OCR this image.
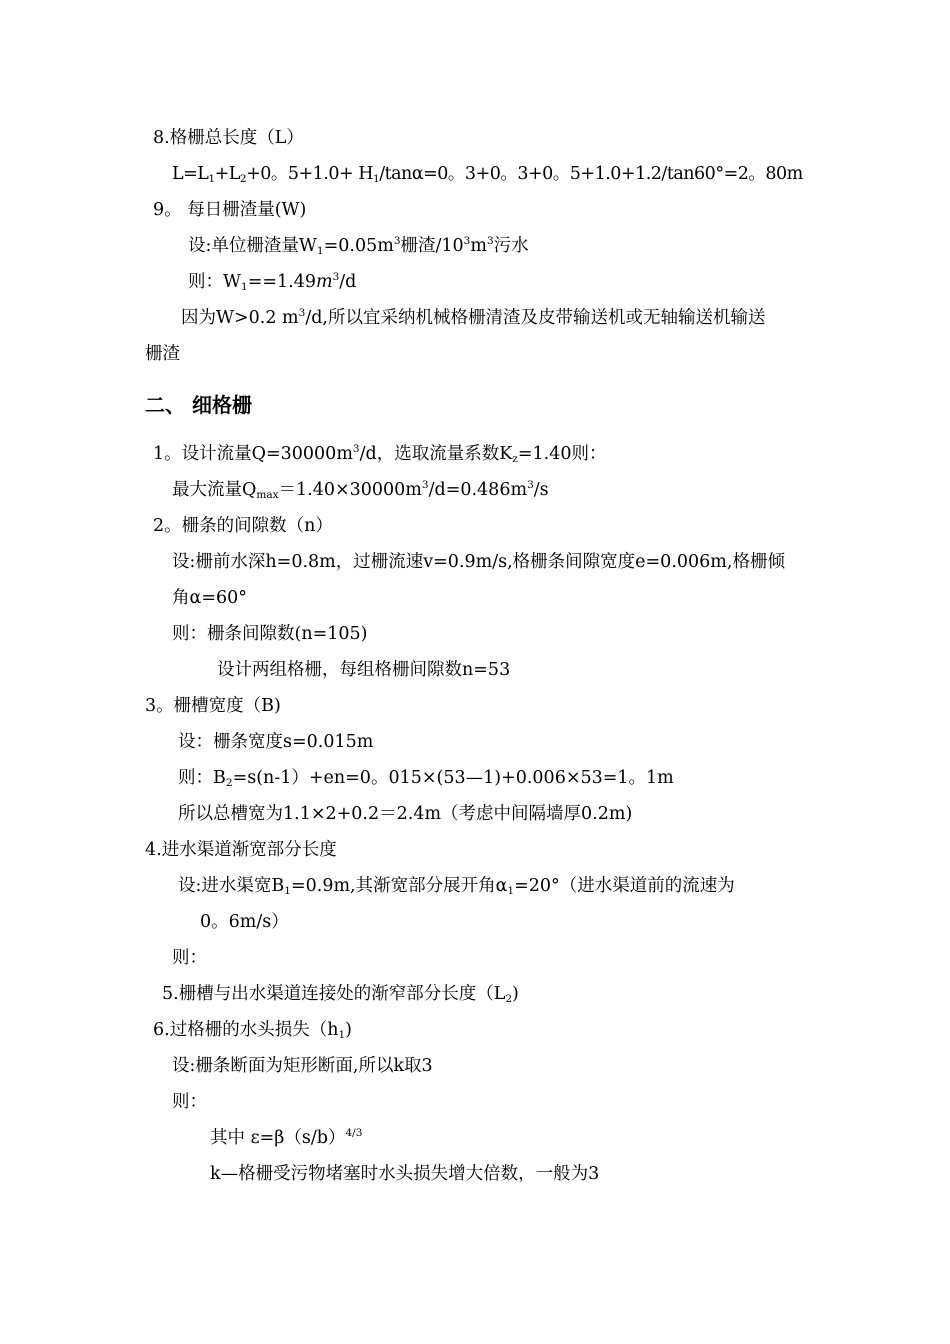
8.格栅总长度（L）
$L=L_1+L_2+0$。$5+1.0+ H_1/\tan\alpha=0$。3+0。3+0。5+1.0+1.2/tan60°=2。80m
9。 每日栅渣量(W)
设:单位栅渣量$W_1=0.05m^3$栅渣$/10^3m^3$污水
则：$W_1==1.49m^3/d$
因为W>0.2 $m^3/d$,所以宜采纳机械格栅清渣及皮带输送机或无轴输送机输送
栅渣
二、 细格栅
1。设计流量$Q=30000m^3/d$，选取流量系数$K_z=1.40$则：
最大流量$Q_{max}=1.40\times 30000m^3/d=0.486m^3/s$
2。栅条的间隙数（n）
设:栅前水深h=0.8m，过栅流速v=0.9m/s,格栅条间隙宽度e=0.006m,格栅倾
角α=60°
则：栅条间隙数(n=105)
设计两组格栅，每组格栅间隙数n=53
3。栅槽宽度（B)
设：栅条宽度s=0.015m
则：$B_2=s(n-1)+en=0$。015×(53—1)+0.006×53=1。1m
所以总槽宽为1.1×2+0.2＝2.4m（考虑中间隔墙厚0.2m)
4.进水渠道渐宽部分长度
设:进水渠宽$B_1=0.9m$,其渐宽部分展开角$\alpha_1=20^\circ$（进水渠道前的流速为
0。6m/s）
则：
5.栅槽与出水渠道连接处的渐窄部分长度$(L_2)$
6.过格栅的水头损失$(h_1)$
设:栅条断面为矩形断面,所以k取3
则：
其中 $\varepsilon=\beta(s/b)^{4/3}$
k—格栅受污物堵塞时水头损失增大倍数，一般为3
